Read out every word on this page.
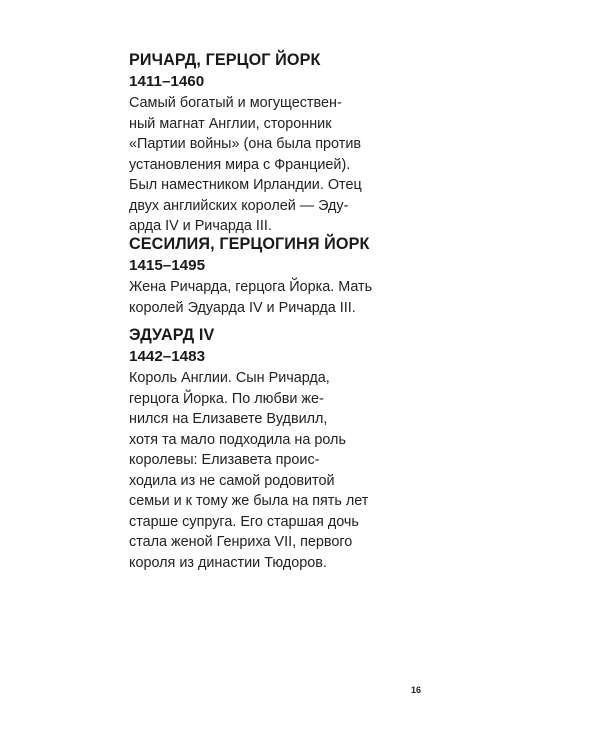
РИЧАРД, ГЕРЦОГ ЙОРК
1411–1460
Самый богатый и могуществен-
ный магнат Англии, сторонник
«Партии войны» (она была против
установления мира с Францией).
Был наместником Ирландии. Отец
двух английских королей — Эду-
арда IV и Ричарда III.
СЕСИЛИЯ, ГЕРЦОГИНЯ ЙОРК
1415–1495
Жена Ричарда, герцога Йорка. Мать
королей Эдуарда IV и Ричарда III.
ЭДУАРД IV
1442–1483
Король Англии. Сын Ричарда,
герцога Йорка. По любви же-
нился на Елизавете Вудвилл,
хотя та мало подходила на роль
королевы: Елизавета проис-
ходила из не самой родовитой
семьи и к тому же была на пять лет
старше супруга. Его старшая дочь
стала женой Генриха VII, первого
короля из династии Тюдоров.
16
